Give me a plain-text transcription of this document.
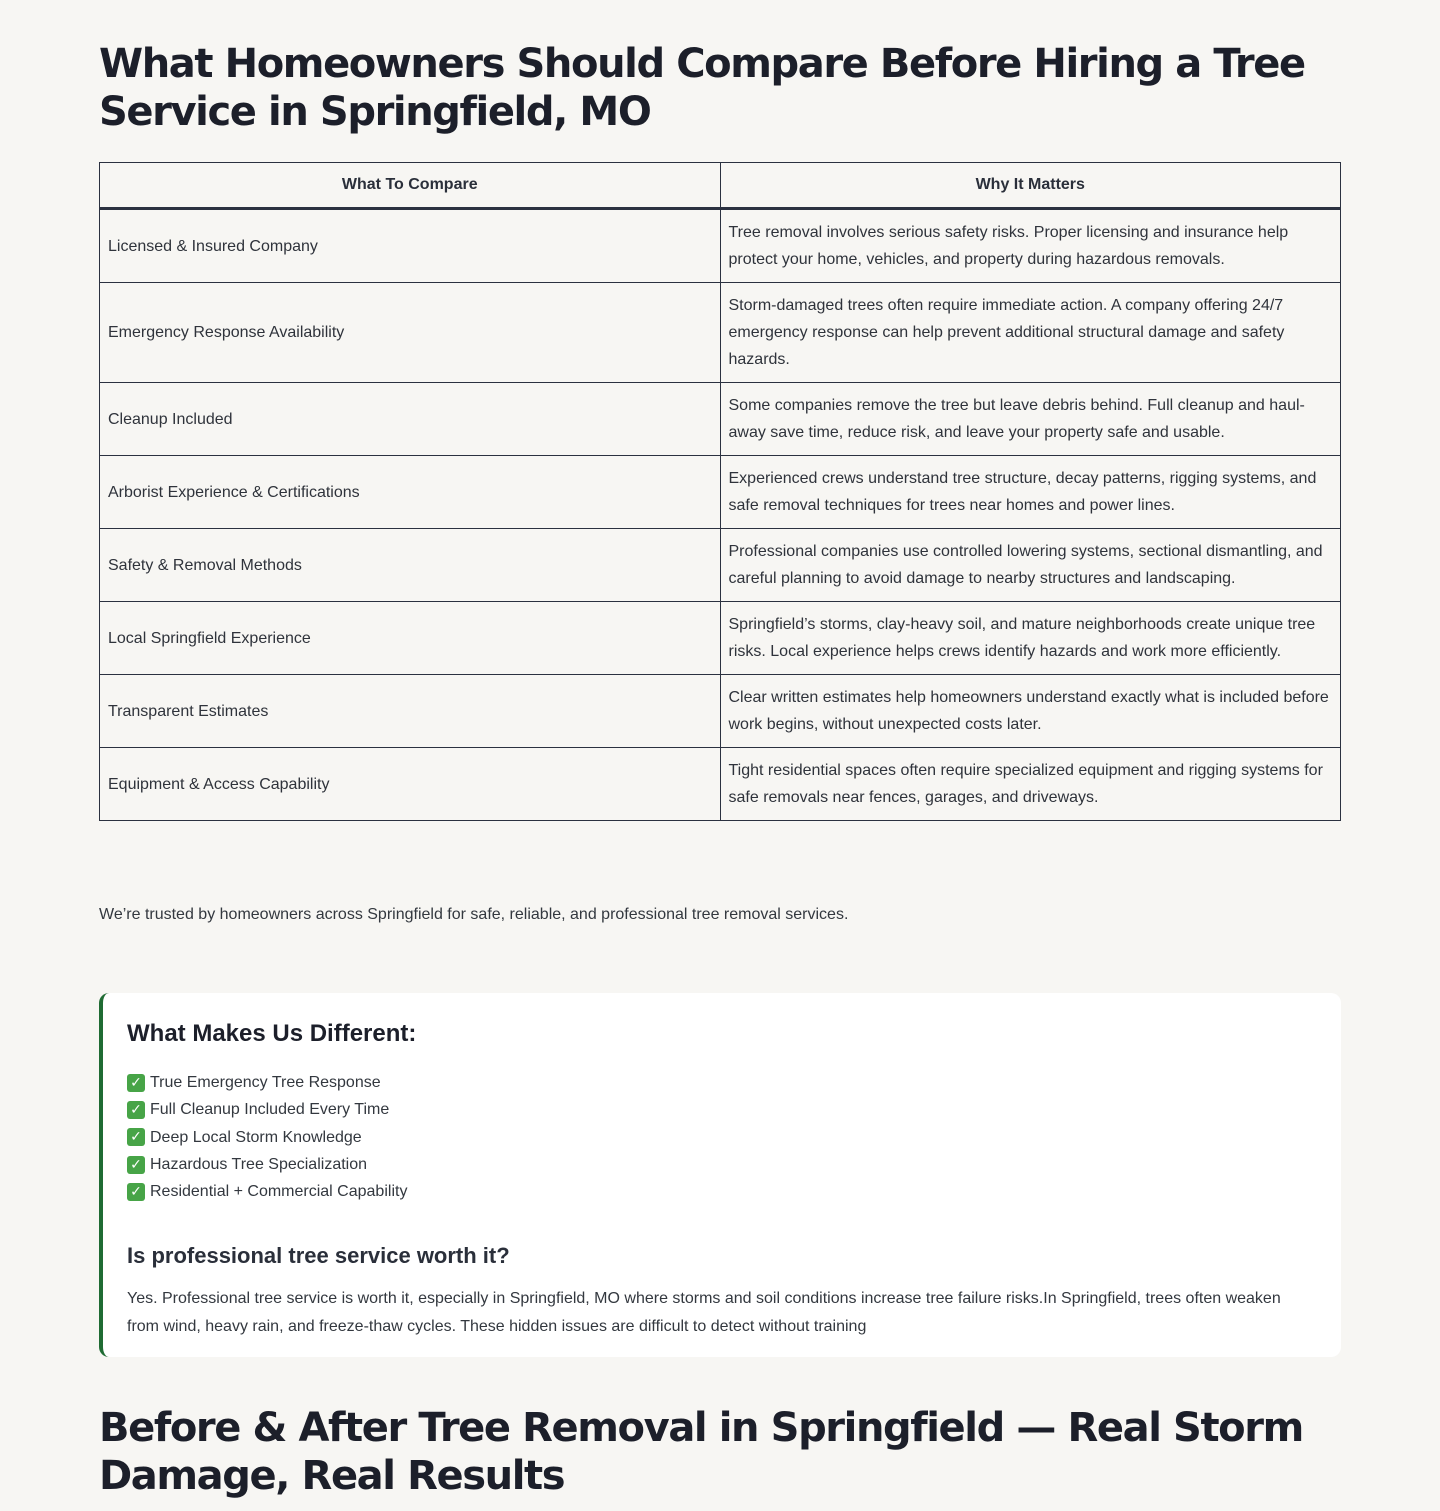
What Homeowners Should Compare Before Hiring a Tree Service in Springfield, MO
What To Compare	Why It Matters
Licensed & Insured Company	Tree removal involves serious safety risks. Proper licensing and insurance help protect your home, vehicles, and property during hazardous removals.
Emergency Response Availability	Storm-damaged trees often require immediate action. A company offering 24/7 emergency response can help prevent additional structural damage and safety hazards.
Cleanup Included	Some companies remove the tree but leave debris behind. Full cleanup and haul-away save time, reduce risk, and leave your property safe and usable.
Arborist Experience & Certifications	Experienced crews understand tree structure, decay patterns, rigging systems, and safe removal techniques for trees near homes and power lines.
Safety & Removal Methods	Professional companies use controlled lowering systems, sectional dismantling, and careful planning to avoid damage to nearby structures and landscaping.
Local Springfield Experience	Springfield’s storms, clay-heavy soil, and mature neighborhoods create unique tree risks. Local experience helps crews identify hazards and work more efficiently.
Transparent Estimates	Clear written estimates help homeowners understand exactly what is included before work begins, without unexpected costs later.
Equipment & Access Capability	Tight residential spaces often require specialized equipment and rigging systems for safe removals near fences, garages, and driveways.
We’re trusted by homeowners across Springfield for safe, reliable, and professional tree removal services.
What Makes Us Different:
✓ True Emergency Tree Response
✓ Full Cleanup Included Every Time
✓ Deep Local Storm Knowledge
✓ Hazardous Tree Specialization
✓ Residential + Commercial Capability
Is professional tree service worth it?

Yes. Professional tree service is worth it, especially in Springfield, MO where storms and soil conditions increase tree failure risks.In Springfield, trees often weaken from wind, heavy rain, and freeze-thaw cycles. These hidden issues are difficult to detect without training

Before & After Tree Removal in Springfield — Real Storm Damage, Real Results
